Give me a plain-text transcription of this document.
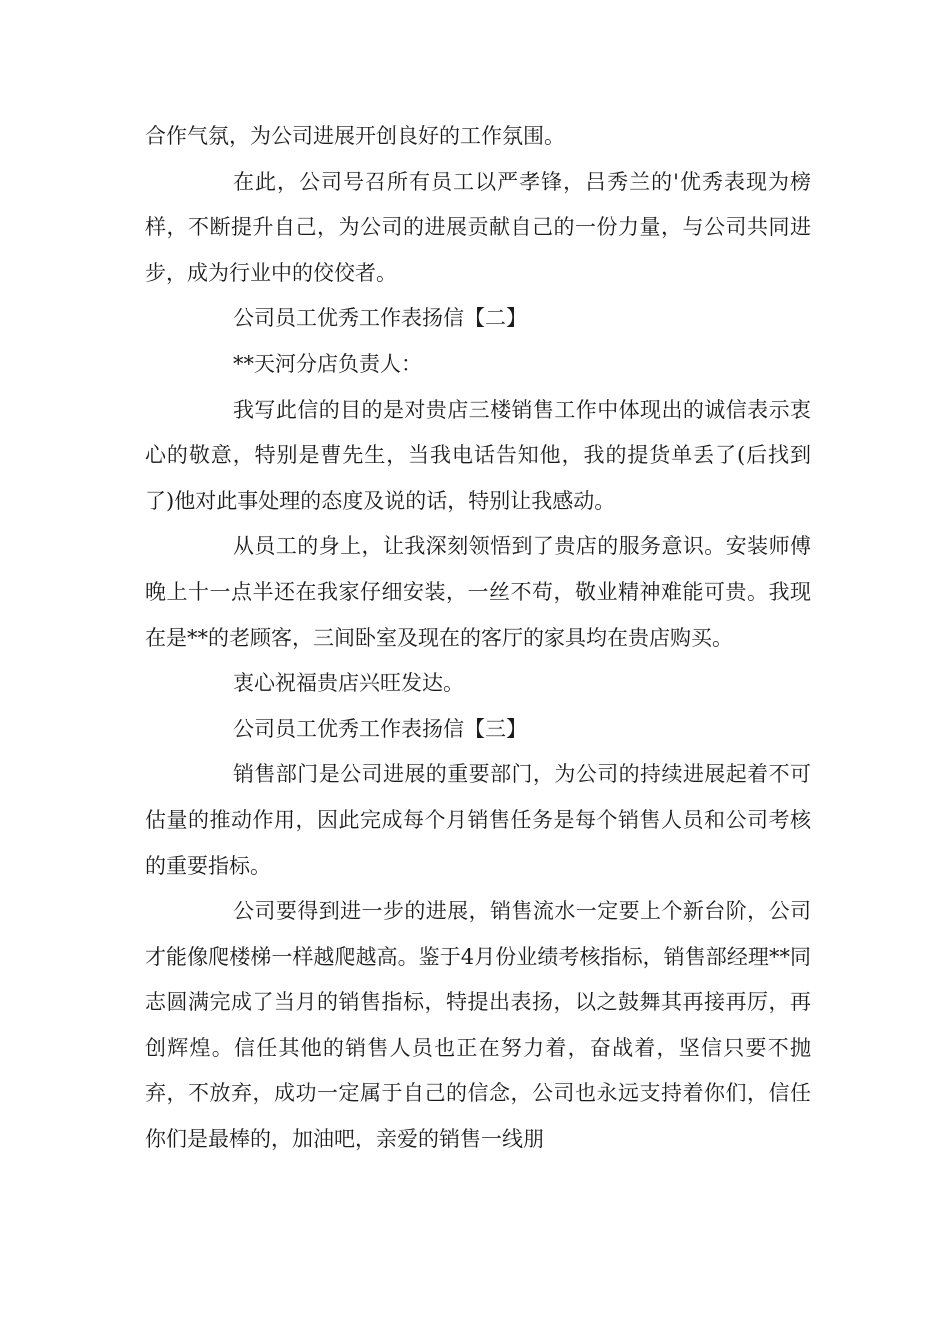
合作气氛，为公司进展开创良好的工作氛围。

在此，公司号召所有员工以严孝锋，吕秀兰的'优秀表现为榜样，不断提升自己，为公司的进展贡献自己的一份力量，与公司共同进步，成为行业中的佼佼者。

公司员工优秀工作表扬信【二】

**天河分店负责人：

我写此信的目的是对贵店三楼销售工作中体现出的诚信表示衷心的敬意，特别是曹先生，当我电话告知他，我的提货单丢了(后找到了)他对此事处理的态度及说的话，特别让我感动。

从员工的身上，让我深刻领悟到了贵店的服务意识。安装师傅晚上十一点半还在我家仔细安装，一丝不苟，敬业精神难能可贵。我现在是**的老顾客，三间卧室及现在的客厅的家具均在贵店购买。

衷心祝福贵店兴旺发达。

公司员工优秀工作表扬信【三】

销售部门是公司进展的重要部门，为公司的持续进展起着不可估量的推动作用，因此完成每个月销售任务是每个销售人员和公司考核的重要指标。

公司要得到进一步的进展，销售流水一定要上个新台阶，公司才能像爬楼梯一样越爬越高。鉴于4月份业绩考核指标，销售部经理**同志圆满完成了当月的销售指标，特提出表扬，以之鼓舞其再接再厉，再创辉煌。信任其他的销售人员也正在努力着，奋战着，坚信只要不抛弃，不放弃，成功一定属于自己的信念，公司也永远支持着你们，信任你们是最棒的，加油吧，亲爱的销售一线朋
